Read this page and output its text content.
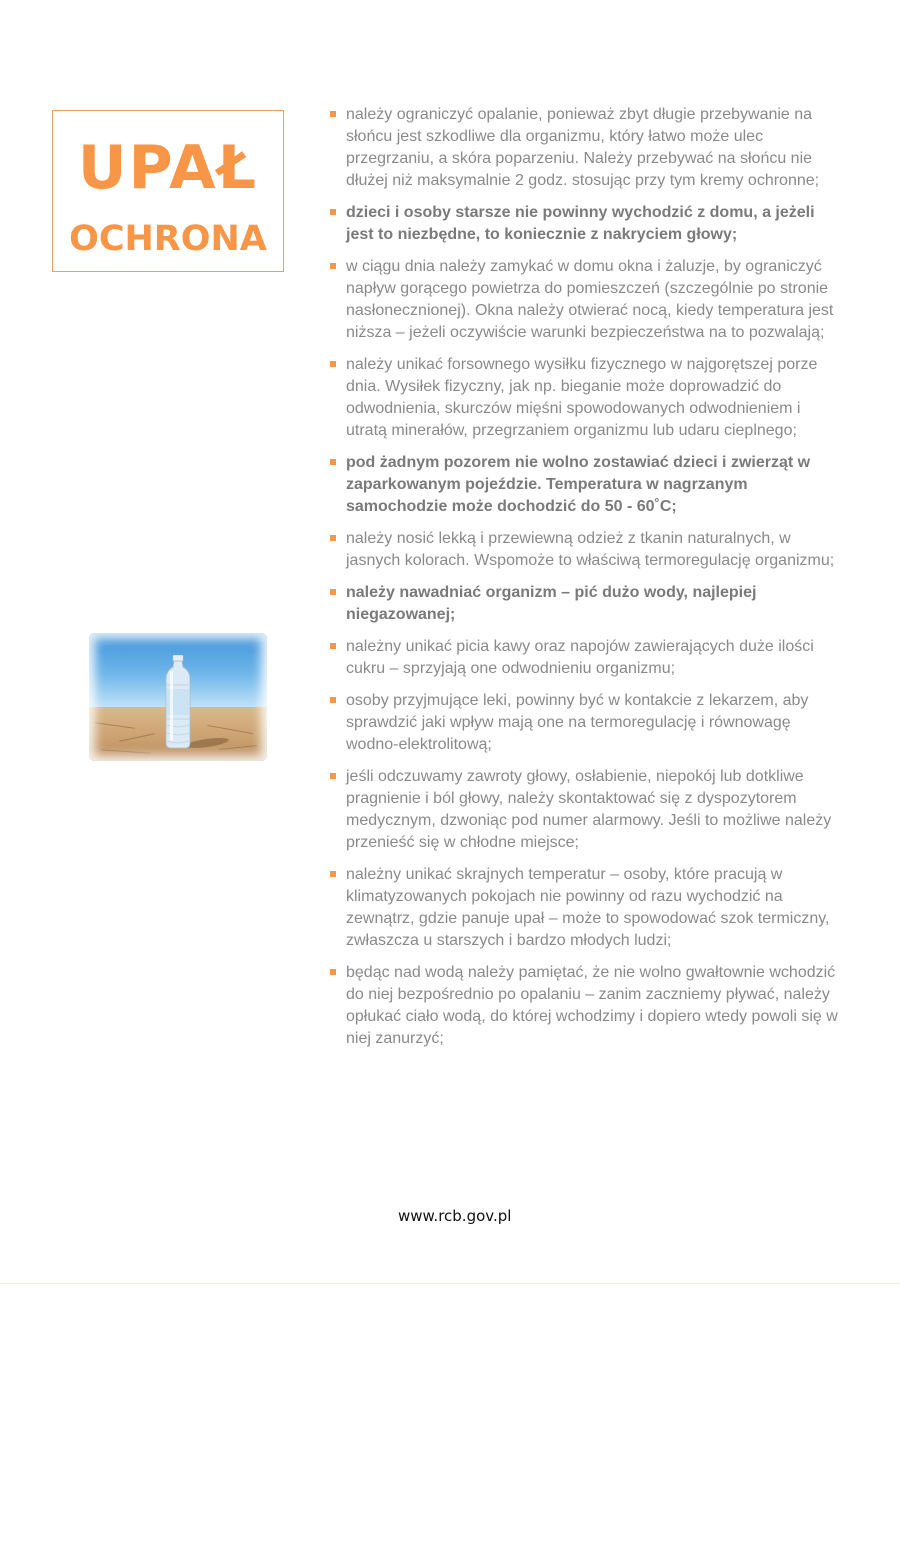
UPAŁ
OCHRONA
należy ograniczyć opalanie, ponieważ zbyt długie przebywanie na słońcu jest szkodliwe dla organizmu, który łatwo może ulec przegrzaniu, a skóra poparzeniu. Należy przebywać na słońcu nie dłużej niż maksymalnie 2 godz. stosując przy tym kremy ochronne;
dzieci i osoby starsze nie powinny wychodzić z domu, a jeżeli jest to niezbędne, to koniecznie z nakryciem głowy;
w ciągu dnia należy zamykać w domu okna i żaluzje, by ograniczyć napływ gorącego powietrza do pomieszczeń (szczególnie po stronie nasłonecznionej). Okna należy otwierać nocą, kiedy temperatura jest niższa – jeżeli oczywiście warunki bezpieczeństwa na to pozwalają;
należy unikać forsownego wysiłku fizycznego w najgorętszej porze dnia. Wysiłek fizyczny, jak np. bieganie może doprowadzić do odwodnienia, skurczów mięśni spowodowanych odwodnieniem i utratą minerałów, przegrzaniem organizmu lub udaru cieplnego;
pod żadnym pozorem nie wolno zostawiać dzieci i zwierząt w zaparkowanym pojeździe. Temperatura w nagrzanym samochodzie może dochodzić do 50 - 60˚C;
należy nosić lekką i przewiewną odzież z tkanin naturalnych, w jasnych kolorach. Wspomoże to właściwą termoregulację organizmu;
należy nawadniać organizm – pić dużo wody, najlepiej niegazowanej;
należny unikać picia kawy oraz napojów zawierających duże ilości cukru – sprzyjają one odwodnieniu organizmu;
osoby przyjmujące leki, powinny być w kontakcie z lekarzem, aby sprawdzić jaki wpływ mają one na termoregulację i równowagę wodno-elektrolitową;
jeśli odczuwamy zawroty głowy, osłabienie, niepokój lub dotkliwe pragnienie i ból głowy, należy skontaktować się z dyspozytorem medycznym, dzwoniąc pod numer alarmowy. Jeśli to możliwe należy przenieść się w chłodne miejsce;
należny unikać skrajnych temperatur – osoby, które pracują w klimatyzowanych pokojach nie powinny od razu wychodzić na zewnątrz, gdzie panuje upał – może to spowodować szok termiczny, zwłaszcza u starszych i bardzo młodych ludzi;
będąc nad wodą należy pamiętać, że nie wolno gwałtownie wchodzić do niej bezpośrednio po opalaniu – zanim zaczniemy pływać, należy opłukać ciało wodą, do której wchodzimy i dopiero wtedy powoli się w niej zanurzyć;
www.rcb.gov.pl
